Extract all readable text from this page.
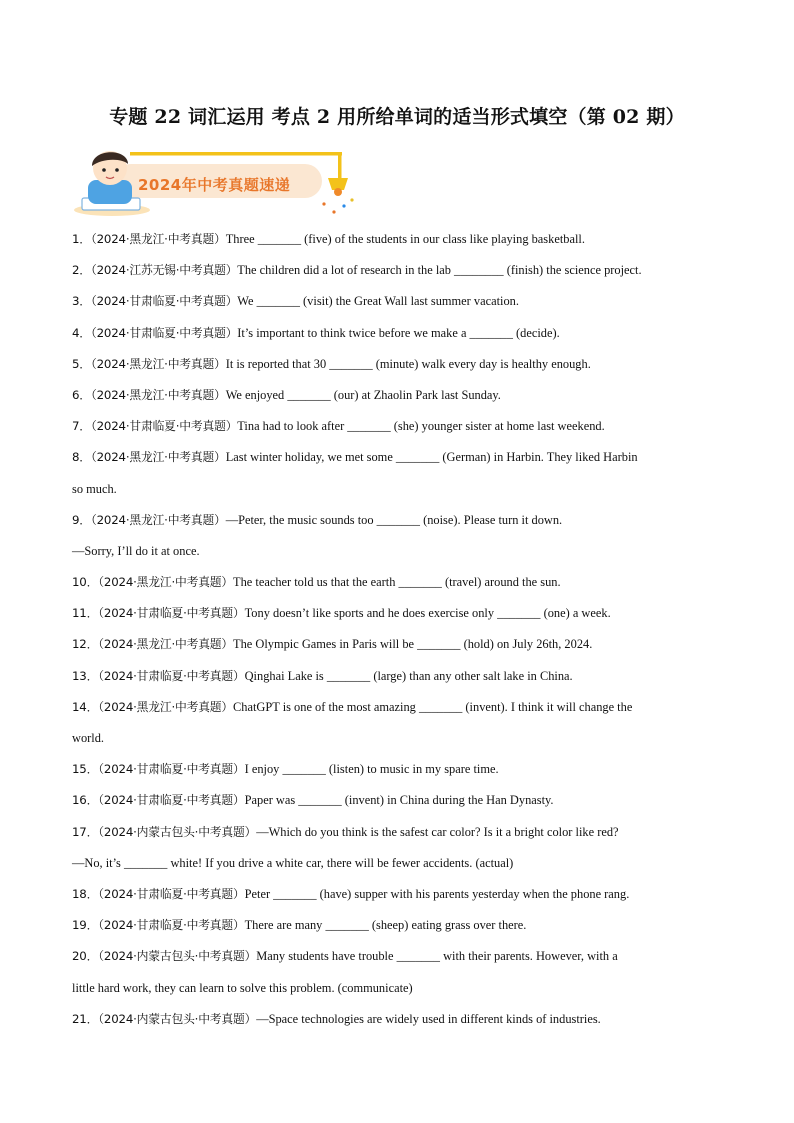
专题 22 词汇运用 考点 2 用所给单词的适当形式填空（第 02 期）
2024年中考真题速递
1．（2024·黑龙江·中考真题）Three _______ (five) of the students in our class like playing basketball.
2．（2024·江苏无锡·中考真题）The children did a lot of research in the lab ________ (finish) the science project.
3．（2024·甘肃临夏·中考真题）We _______ (visit) the Great Wall last summer vacation.
4．（2024·甘肃临夏·中考真题）It’s important to think twice before we make a _______ (decide).
5．（2024·黑龙江·中考真题）It is reported that 30 _______ (minute) walk every day is healthy enough.
6．（2024·黑龙江·中考真题）We enjoyed _______ (our) at Zhaolin Park last Sunday.
7．（2024·甘肃临夏·中考真题）Tina had to look after _______ (she) younger sister at home last weekend.
8．（2024·黑龙江·中考真题）Last winter holiday, we met some _______ (German) in Harbin. They liked Harbin
so much.
9．（2024·黑龙江·中考真题）—Peter, the music sounds too _______ (noise). Please turn it down.
—Sorry, I’ll do it at once.
10．（2024·黑龙江·中考真题）The teacher told us that the earth _______ (travel) around the sun.
11．（2024·甘肃临夏·中考真题）Tony doesn’t like sports and he does exercise only _______ (one) a week.
12．（2024·黑龙江·中考真题）The Olympic Games in Paris will be _______ (hold) on July 26th, 2024.
13．（2024·甘肃临夏·中考真题）Qinghai Lake is _______ (large) than any other salt lake in China.
14．（2024·黑龙江·中考真题）ChatGPT is one of the most amazing _______ (invent). I think it will change the
world.
15．（2024·甘肃临夏·中考真题）I enjoy _______ (listen) to music in my spare time.
16．（2024·甘肃临夏·中考真题）Paper was _______ (invent) in China during the Han Dynasty.
17．（2024·内蒙古包头·中考真题）—Which do you think is the safest car color? Is it a bright color like red?
—No, it’s _______ white! If you drive a white car, there will be fewer accidents. (actual)
18．（2024·甘肃临夏·中考真题）Peter _______ (have) supper with his parents yesterday when the phone rang.
19．（2024·甘肃临夏·中考真题）There are many _______ (sheep) eating grass over there.
20．（2024·内蒙古包头·中考真题）Many students have trouble _______ with their parents. However, with a
little hard work, they can learn to solve this problem. (communicate)
21．（2024·内蒙古包头·中考真题）—Space technologies are widely used in different kinds of industries.
